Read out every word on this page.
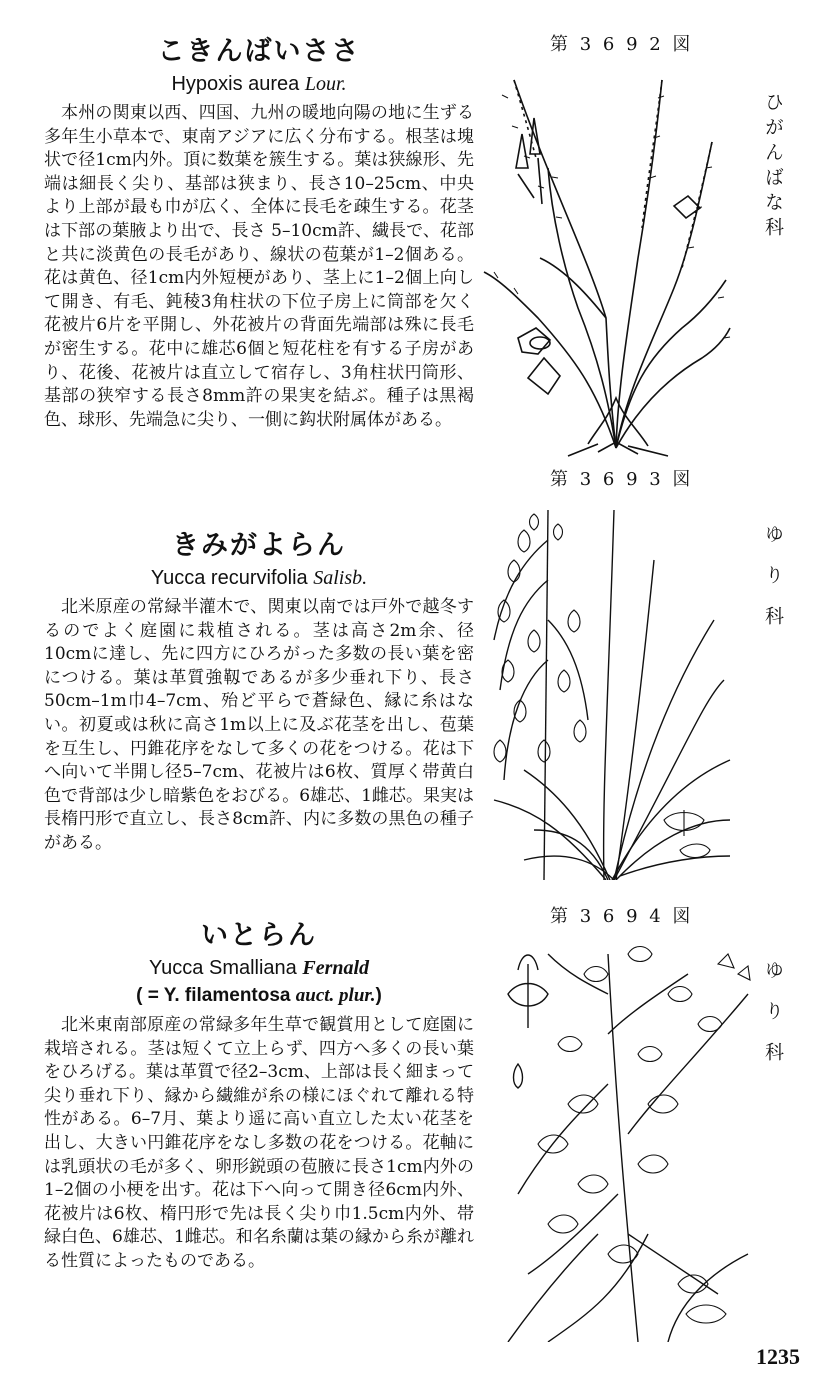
こきんばいささ
Hypoxis aurea Lour.
本州の関東以西、四国、九州の暖地向陽の地に生ずる多年生小草本で、東南アジアに広く分布する。根茎は塊状で径1cm内外。頂に数葉を簇生する。葉は狭線形、先端は細長く尖り、基部は狭まり、長さ10–25cm、中央より上部が最も巾が広く、全体に長毛を疎生する。花茎は下部の葉腋より出で、長さ 5–10cm許、繊長で、花部と共に淡黄色の長毛があり、線状の苞葉が1–2個ある。花は黄色、径1cm内外短梗があり、茎上に1–2個上向して開き、有毛、鈍稜3角柱状の下位子房上に筒部を欠く花被片6片を平開し、外花被片の背面先端部は殊に長毛が密生する。花中に雄芯6個と短花柱を有する子房があり、花後、花被片は直立して宿存し、3角柱状円筒形、基部の狭窄する長さ8mm許の果実を結ぶ。種子は黒褐色、球形、先端急に尖り、一側に鈎状附属体がある。
きみがよらん
Yucca recurvifolia Salisb.
北米原産の常緑半灌木で、関東以南では戸外で越冬するのでよく庭園に栽植される。茎は高さ2m余、径10cmに達し、先に四方にひろがった多数の長い葉を密につける。葉は革質強靱であるが多少垂れ下り、長さ50cm–1m巾4–7cm、殆ど平らで蒼緑色、縁に糸はない。初夏或は秋に高さ1m以上に及ぶ花茎を出し、苞葉を互生し、円錐花序をなして多くの花をつける。花は下へ向いて半開し径5–7cm、花被片は6枚、質厚く帯黄白色で背部は少し暗紫色をおびる。6雄芯、1雌芯。果実は長楕円形で直立し、長さ8cm許、内に多数の黒色の種子がある。
いとらん
Yucca Smalliana Fernald
( = Y. filamentosa auct. plur.)
北米東南部原産の常緑多年生草で観賞用として庭園に栽培される。茎は短くて立上らず、四方へ多くの長い葉をひろげる。葉は革質で径2–3cm、上部は長く細まって尖り垂れ下り、縁から繊維が糸の様にほぐれて離れる特性がある。6–7月、葉より遥に高い直立した太い花茎を出し、大きい円錐花序をなし多数の花をつける。花軸には乳頭状の毛が多く、卵形鋭頭の苞腋に長さ1cm内外の1–2個の小梗を出す。花は下へ向って開き径6cm内外、花被片は6枚、楕円形で先は長く尖り巾1.5cm内外、帯緑白色、6雄芯、1雌芯。和名糸蘭は葉の縁から糸が離れる性質によったものである。
第 3 6 9 2 図
第 3 6 9 3 図
第 3 6 9 4 図
ひがんばな科
ゆり科
ゆり科
1235
